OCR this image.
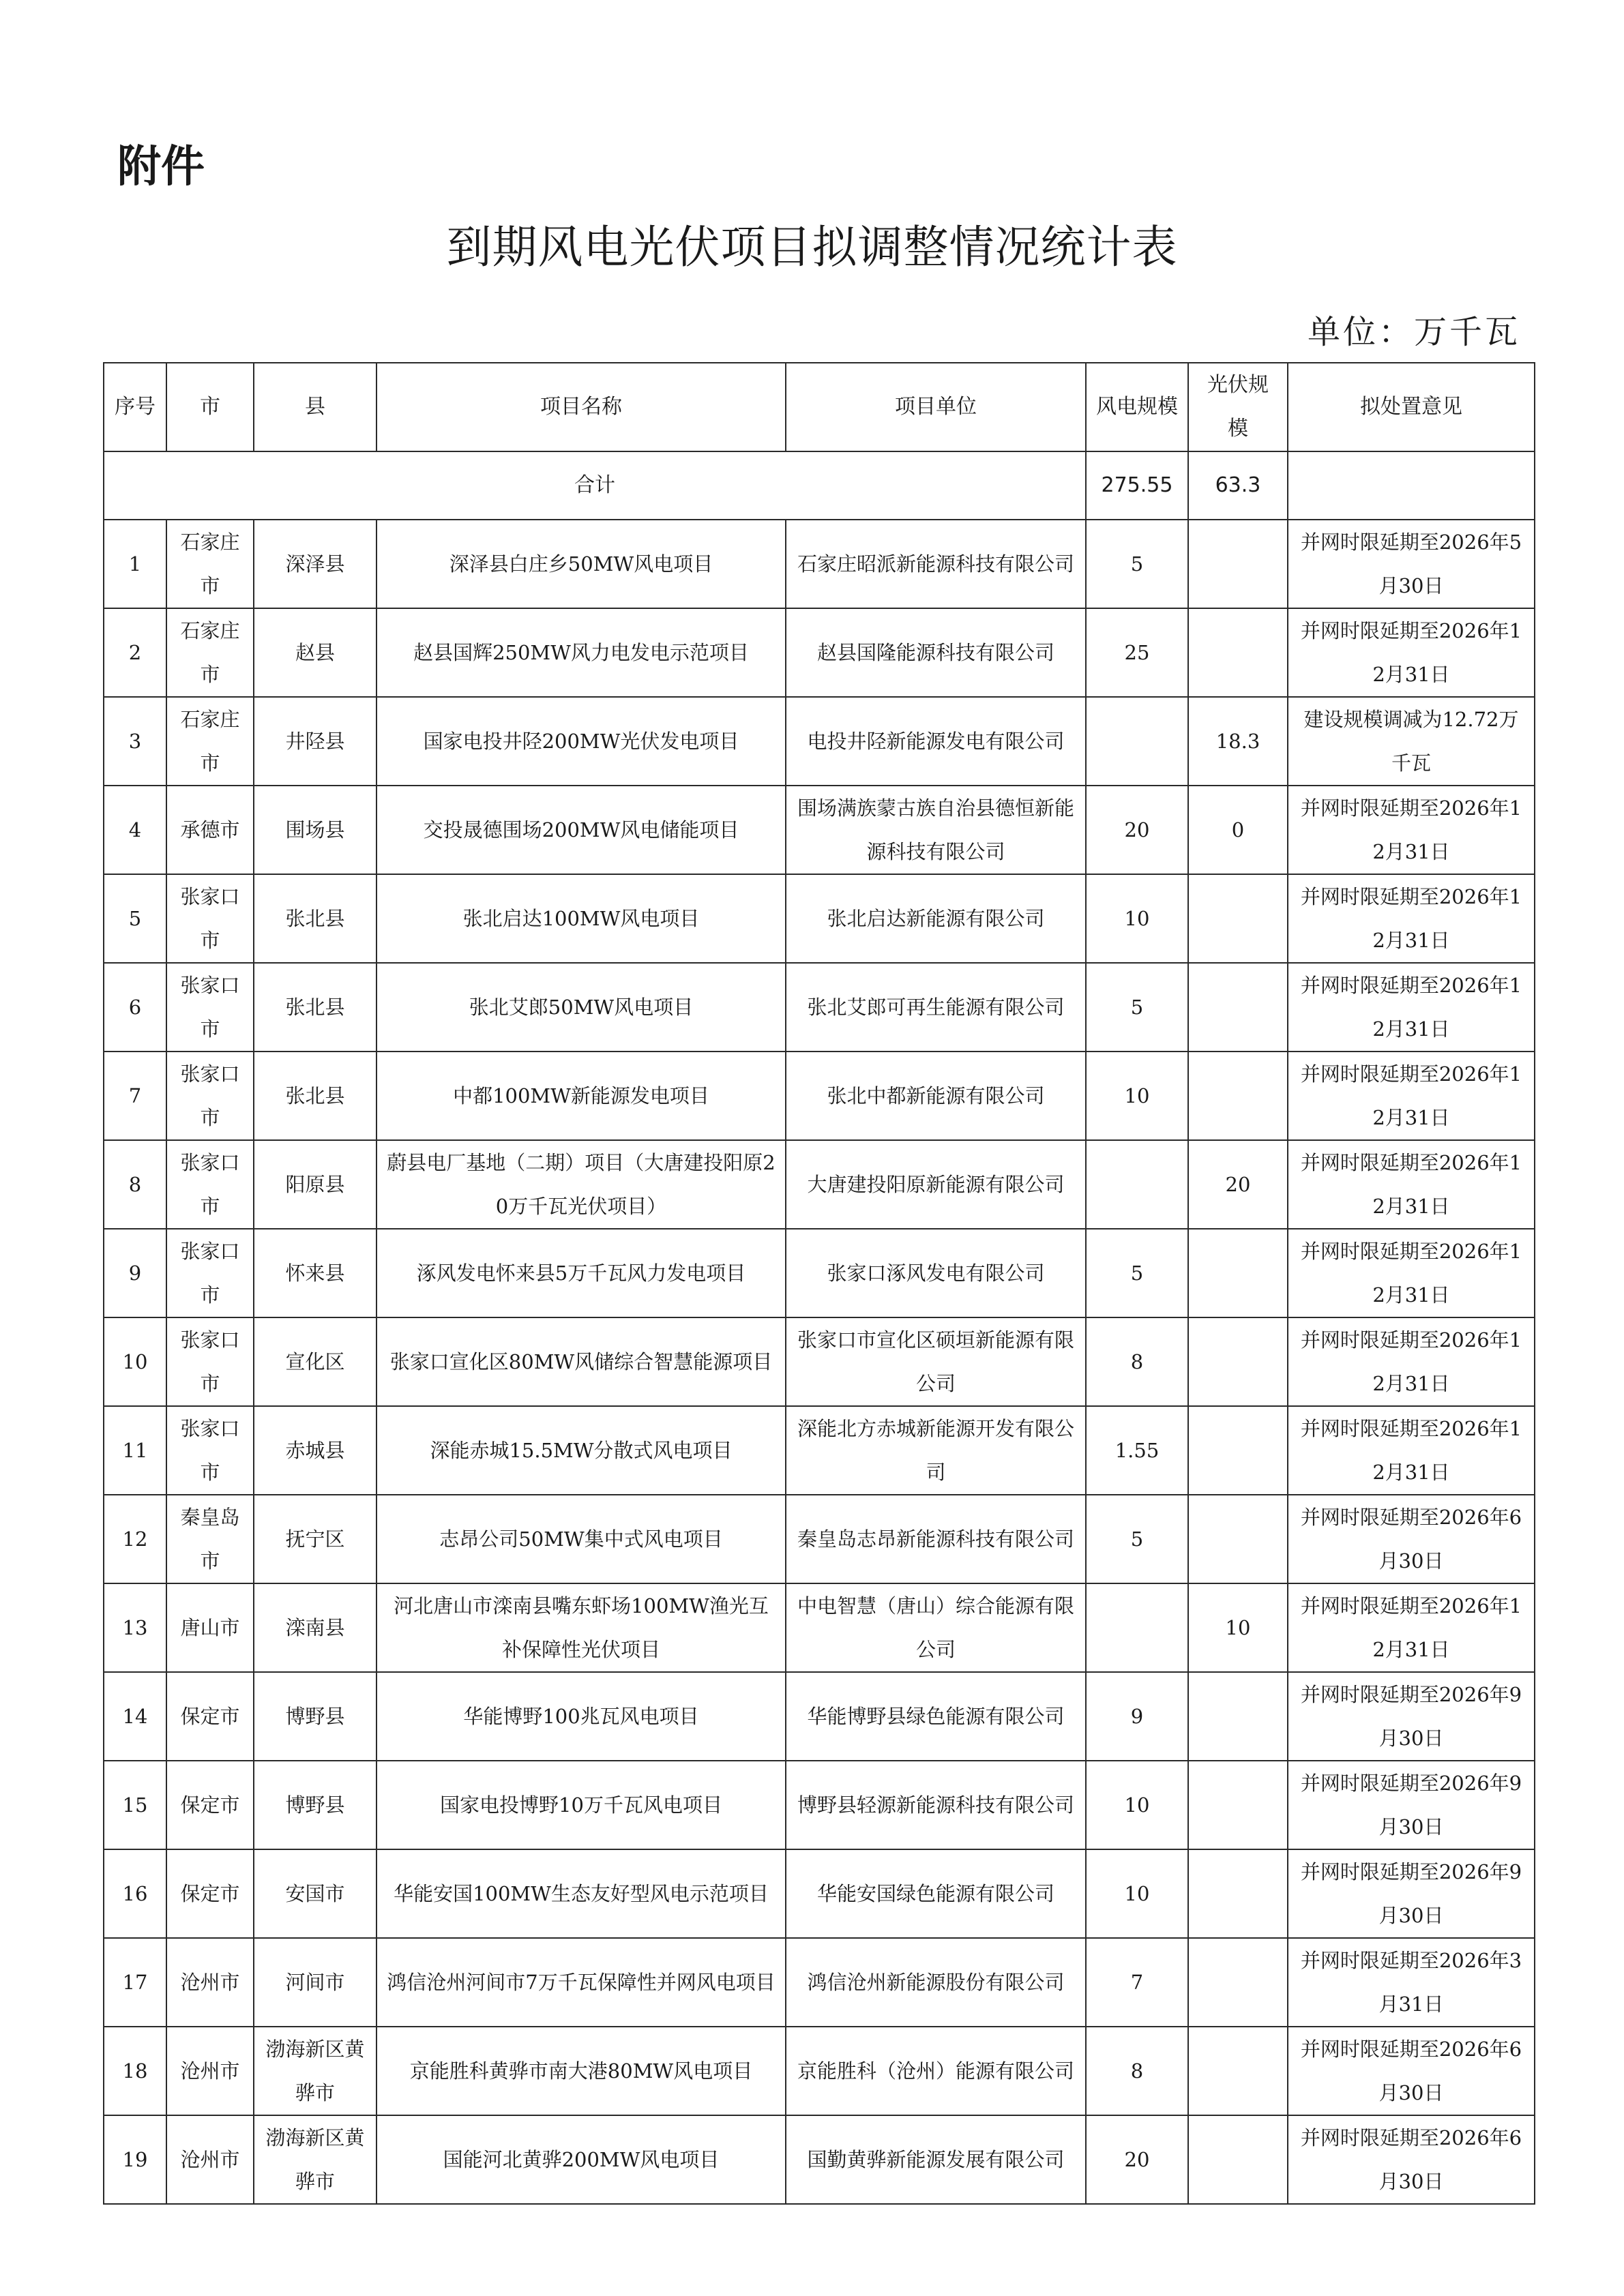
附件
到期风电光伏项目拟调整情况统计表
单位：万千瓦
序号	市	县	项目名称	项目单位	风电规模	光伏规模	拟处置意见
合计					275.55	63.3	
1	石家庄市	深泽县	深泽县白庄乡50MW风电项目	石家庄昭派新能源科技有限公司	5		并网时限延期至2026年5月30日
2	石家庄市	赵县	赵县国辉250MW风力电发电示范项目	赵县国隆能源科技有限公司	25		并网时限延期至2026年12月31日
3	石家庄市	井陉县	国家电投井陉200MW光伏发电项目	电投井陉新能源发电有限公司		18.3	建设规模调减为12.72万千瓦
4	承德市	围场县	交投晟德围场200MW风电储能项目	围场满族蒙古族自治县德恒新能源科技有限公司	20	0	并网时限延期至2026年12月31日
5	张家口市	张北县	张北启达100MW风电项目	张北启达新能源有限公司	10		并网时限延期至2026年12月31日
6	张家口市	张北县	张北艾郎50MW风电项目	张北艾郎可再生能源有限公司	5		并网时限延期至2026年12月31日
7	张家口市	张北县	中都100MW新能源发电项目	张北中都新能源有限公司	10		并网时限延期至2026年12月31日
8	张家口市	阳原县	蔚县电厂基地（二期）项目（大唐建投阳原20万千瓦光伏项目）	大唐建投阳原新能源有限公司		20	并网时限延期至2026年12月31日
9	张家口市	怀来县	涿风发电怀来县5万千瓦风力发电项目	张家口涿风发电有限公司	5		并网时限延期至2026年12月31日
10	张家口市	宣化区	张家口宣化区80MW风储综合智慧能源项目	张家口市宣化区硕垣新能源有限公司	8		并网时限延期至2026年12月31日
11	张家口市	赤城县	深能赤城15.5MW分散式风电项目	深能北方赤城新能源开发有限公司	1.55		并网时限延期至2026年12月31日
12	秦皇岛市	抚宁区	志昂公司50MW集中式风电项目	秦皇岛志昂新能源科技有限公司	5		并网时限延期至2026年6月30日
13	唐山市	滦南县	河北唐山市滦南县嘴东虾场100MW渔光互补保障性光伏项目	中电智慧（唐山）综合能源有限公司		10	并网时限延期至2026年12月31日
14	保定市	博野县	华能博野100兆瓦风电项目	华能博野县绿色能源有限公司	9		并网时限延期至2026年9月30日
15	保定市	博野县	国家电投博野10万千瓦风电项目	博野县轻源新能源科技有限公司	10		并网时限延期至2026年9月30日
16	保定市	安国市	华能安国100MW生态友好型风电示范项目	华能安国绿色能源有限公司	10		并网时限延期至2026年9月30日
17	沧州市	河间市	鸿信沧州河间市7万千瓦保障性并网风电项目	鸿信沧州新能源股份有限公司	7		并网时限延期至2026年3月31日
18	沧州市	渤海新区黄骅市	京能胜科黄骅市南大港80MW风电项目	京能胜科（沧州）能源有限公司	8		并网时限延期至2026年6月30日
19	沧州市	渤海新区黄骅市	国能河北黄骅200MW风电项目	国勤黄骅新能源发展有限公司	20		并网时限延期至2026年6月30日
